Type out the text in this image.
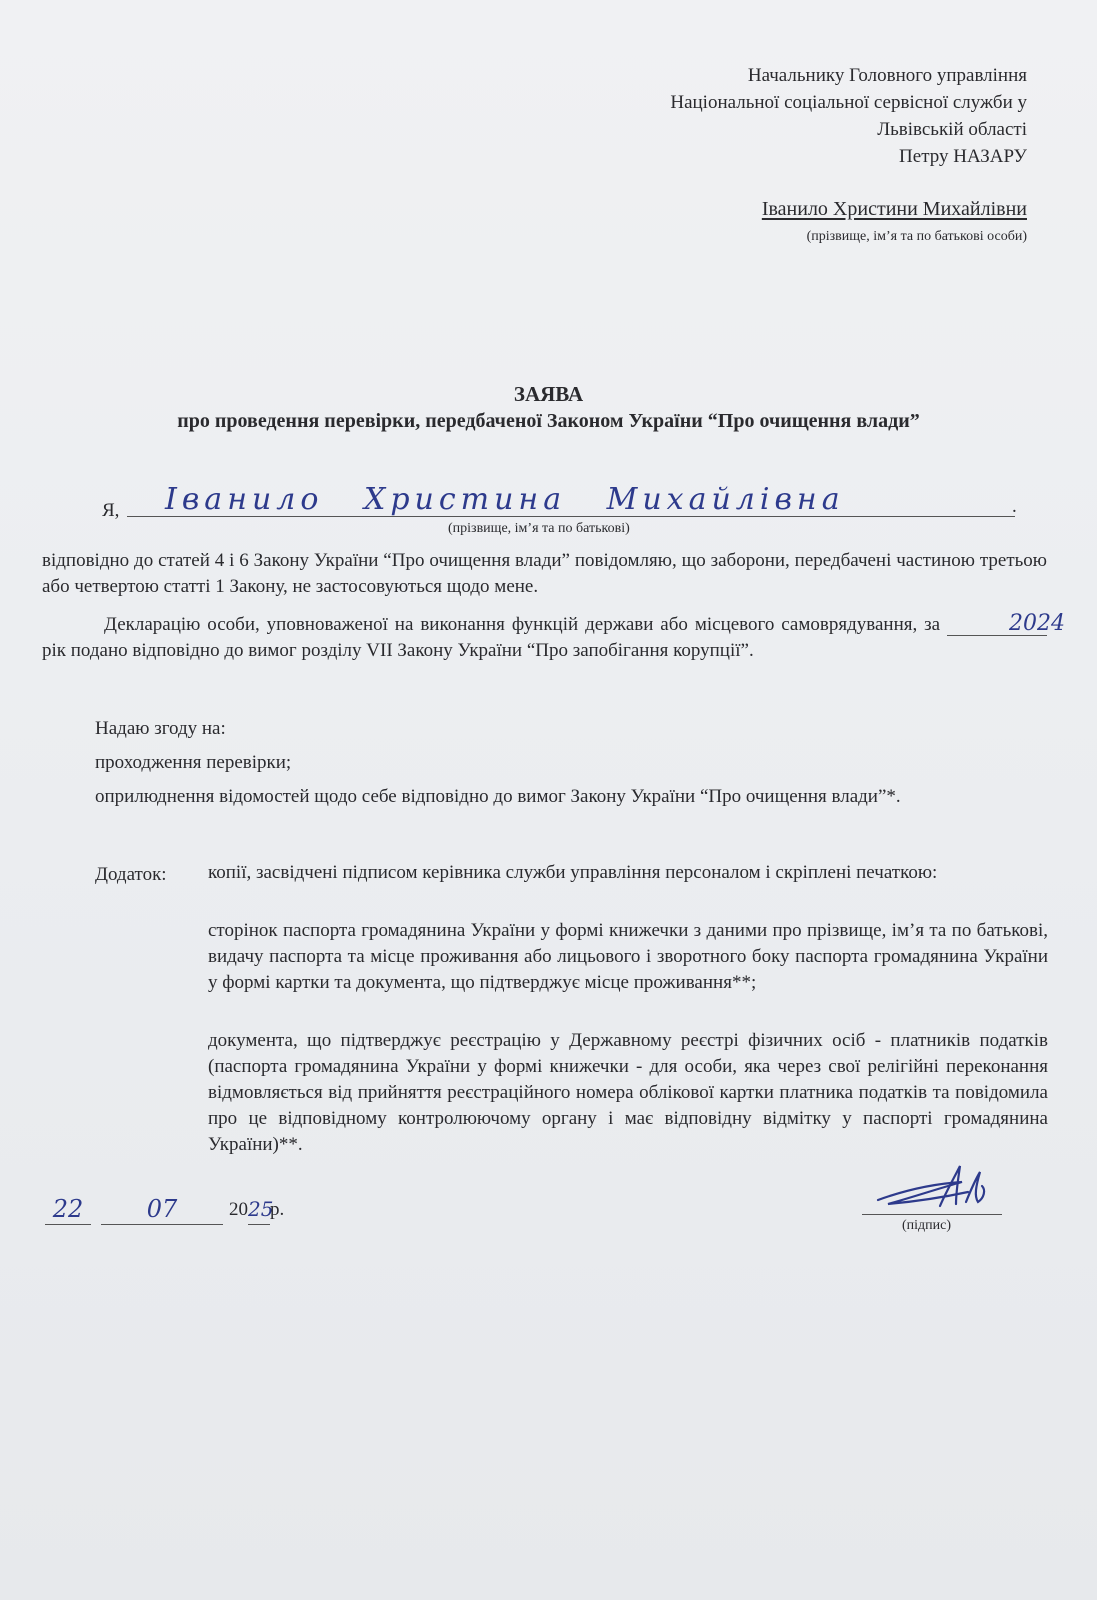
Начальнику Головного управління
Національної соціальної сервісної служби у
Львівській області
Петру НАЗАРУ
Іванило Христини Михайлівни
(прізвище, ім’я та по батькові особи)
ЗАЯВА
про проведення перевірки, передбаченої Законом України “Про очищення влади”
Я, Іванило Христина Михайлівна	.
(прізвище, ім’я та по батькові)
відповідно до статей 4 і 6 Закону України “Про очищення влади” повідомляю, що заборони, передбачені частиною третьою або четвертою статті 1 Закону, не застосовуються щодо мене.
Декларацію особи, уповноваженої на виконання функцій держави або місцевого самоврядування, за	2024 рік подано відповідно до вимог розділу VII Закону України “Про запобігання корупції”.
Надаю згоду на:
проходження перевірки;
оприлюднення відомостей щодо себе відповідно до вимог Закону України “Про очищення влади”*.
Додаток: копії, засвідчені підписом керівника служби управління персоналом і скріплені печаткою:
сторінок паспорта громадянина України у формі книжечки з даними про прізвище, ім’я та по батькові, видачу паспорта та місце проживання або лицьового і зворотного боку паспорта громадянина України у формі картки та документа, що підтверджує місце проживання**;
документа, що підтверджує реєстрацію у Державному реєстрі фізичних осіб - платників податків (паспорта громадянина України у формі книжечки - для особи, яка через свої релігійні переконання відмовляється від прийняття реєстраційного номера облікової картки платника податків та повідомила про це відповідному контролюючому органу і має відповідну відмітку у паспорті громадянина України)**.
22	07	20 25
р.
(підпис)
